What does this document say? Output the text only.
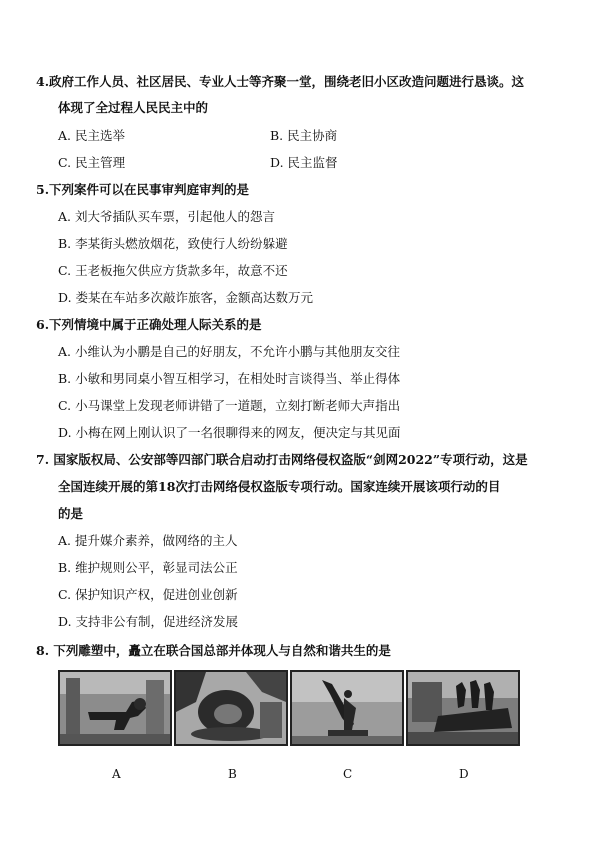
4.政府工作人员、社区居民、专业人士等齐聚一堂，围绕老旧小区改造问题进行恳谈。这
体现了全过程人民民主中的
A. 民主选举	B. 民主协商
C. 民主管理	D. 民主监督
5.下列案件可以在民事审判庭审判的是
A. 刘大爷插队买车票，引起他人的怨言
B. 李某街头燃放烟花，致使行人纷纷躲避
C. 王老板拖欠供应方货款多年，故意不还
D. 娄某在车站多次敲诈旅客，金额高达数万元
6.下列情境中属于正确处理人际关系的是
A. 小维认为小鹏是自己的好朋友，不允许小鹏与其他朋友交往
B. 小敏和男同桌小智互相学习，在相处时言谈得当、举止得体
C. 小马课堂上发现老师讲错了一道题，立刻打断老师大声指出
D. 小梅在网上刚认识了一名很聊得来的网友，便决定与其见面
7. 国家版权局、公安部等四部门联合启动打击网络侵权盗版“剑网2022”专项行动，这是
全国连续开展的第18次打击网络侵权盗版专项行动。国家连续开展该项行动的目
的是
A. 提升媒介素养，做网络的主人
B. 维护规则公平，彰显司法公正
C. 保护知识产权，促进创业创新
D. 支持非公有制，促进经济发展
8. 下列雕塑中，矗立在联合国总部并体现人与自然和谐共生的是
A	B	C	D
